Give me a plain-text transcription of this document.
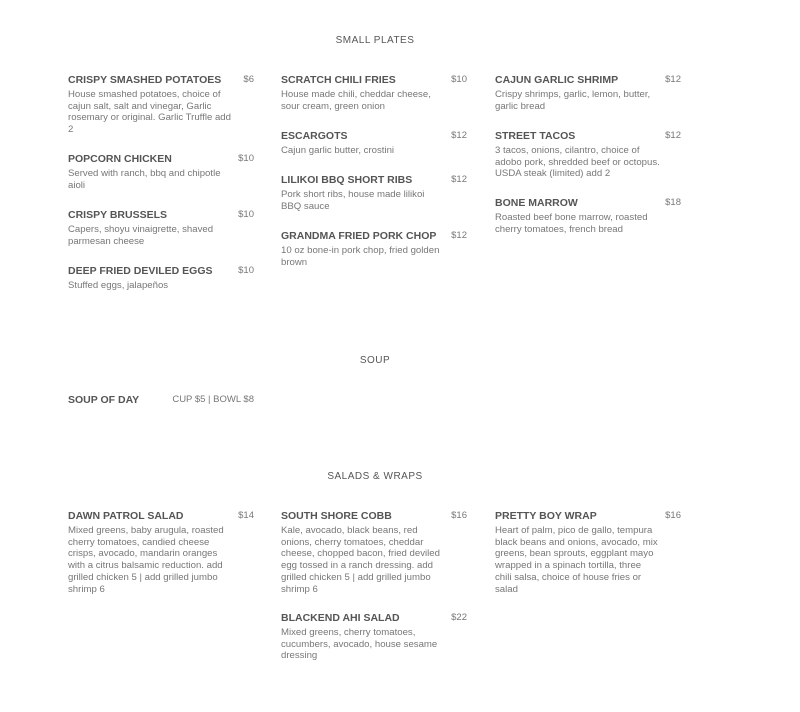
SMALL PLATES
CRISPY SMASHED POTATOES	$6
House smashed potatoes, choice of cajun salt, salt and vinegar, Garlic rosemary or original. Garlic Truffle add 2
POPCORN CHICKEN	$10
Served with ranch, bbq and chipotle aioli
CRISPY BRUSSELS	$10
Capers, shoyu vinaigrette, shaved parmesan cheese
DEEP FRIED DEVILED EGGS	$10
Stuffed eggs, jalapeños
SCRATCH CHILI FRIES	$10
House made chili, cheddar cheese, sour cream, green onion
ESCARGOTS	$12
Cajun garlic butter, crostini
LILIKOI BBQ SHORT RIBS	$12
Pork short ribs, house made lilikoi BBQ sauce
GRANDMA FRIED PORK CHOP	$12
10 oz bone-in pork chop, fried golden brown
CAJUN GARLIC SHRIMP	$12
Crispy shrimps, garlic, lemon, butter, garlic bread
STREET TACOS	$12
3 tacos, onions, cilantro, choice of adobo pork, shredded beef or octopus. USDA steak (limited) add 2
BONE MARROW	$18
Roasted beef bone marrow, roasted cherry tomatoes, french bread
SOUP
SOUP OF DAY	CUP $5 | BOWL $8
SALADS & WRAPS
DAWN PATROL SALAD	$14
Mixed greens, baby arugula, roasted cherry tomatoes, candied cheese crisps, avocado, mandarin oranges with a citrus balsamic reduction. add grilled chicken 5 | add grilled jumbo shrimp 6
SOUTH SHORE COBB	$16
Kale, avocado, black beans, red onions, cherry tomatoes, cheddar cheese, chopped bacon, fried deviled egg tossed in a ranch dressing. add grilled chicken 5 | add grilled jumbo shrimp 6
BLACKEND AHI SALAD	$22
Mixed greens, cherry tomatoes, cucumbers, avocado, house sesame dressing
PRETTY BOY WRAP	$16
Heart of palm, pico de gallo, tempura black beans and onions, avocado, mix greens, bean sprouts, eggplant mayo wrapped in a spinach tortilla, three chili salsa, choice of house fries or salad
